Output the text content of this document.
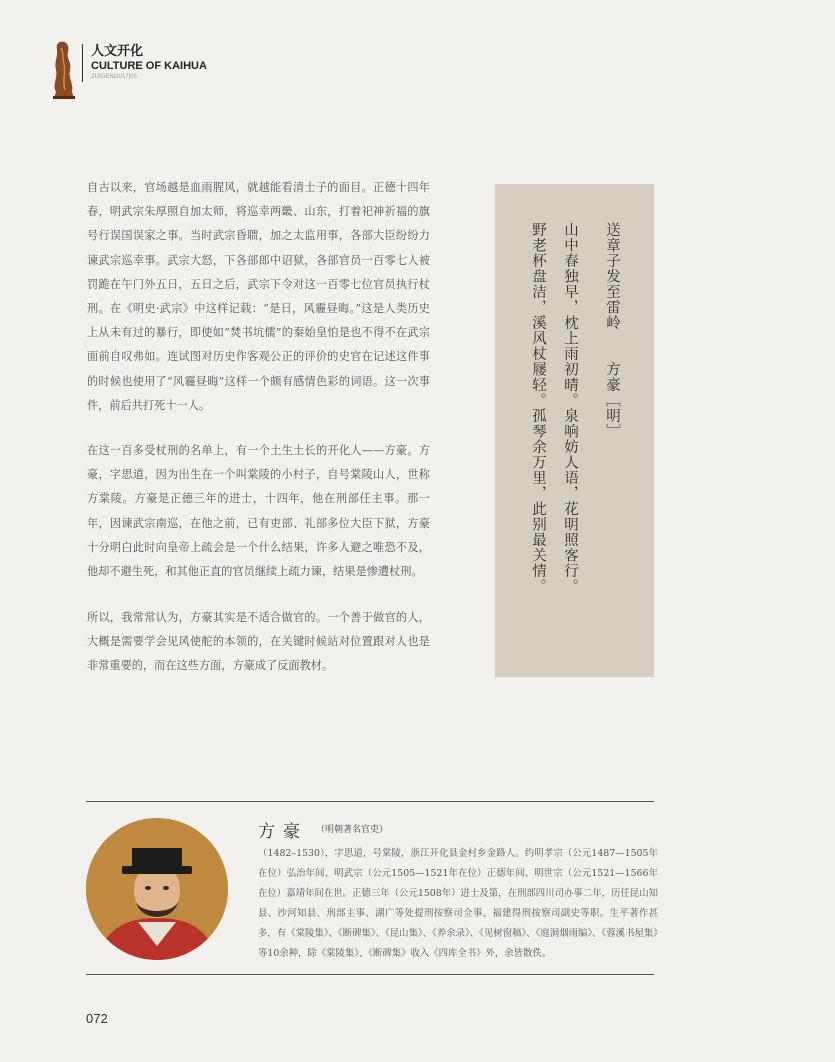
人文开化
CULTURE OF KAIHUA
ZUIGEN|2017|05

自古以来，官场越是血雨腥风，就越能看清士子的面目。正德十四年春，明武宗朱厚照自加太师，将巡幸两畿、山东，打着祀神祈福的旗号行误国误家之事。当时武宗昏聩，加之太监用事，各部大臣纷纷力谏武宗巡幸事。武宗大怒，下各部郎中诏狱，各部官员一百零七人被罚跪在午门外五日，五日之后，武宗下令对这一百零七位官员执行杖刑。在《明史·武宗》中这样记载：“是日，风霾昼晦。”这是人类历史上从未有过的暴行，即使如“焚书坑儒”的秦始皇怕是也不得不在武宗面前自叹弗如。连试图对历史作客观公正的评价的史官在记述这件事的时候也使用了“风霾昼晦”这样一个颇有感情色彩的词语。这一次事件，前后共打死十一人。

在这一百多受杖刑的名单上，有一个土生土长的开化人——方豪。方豪，字思道，因为出生在一个叫棠陵的小村子，自号棠陵山人，世称方棠陵。方豪是正德三年的进士，十四年，他在刑部任主事。那一年，因谏武宗南巡，在他之前，已有吏部、礼部多位大臣下狱，方豪十分明白此时向皇帝上疏会是一个什么结果，许多人避之唯恐不及，他却不避生死，和其他正直的官员继续上疏力谏，结果是惨遭杖刑。

所以，我常常认为，方豪其实是不适合做官的。一个善于做官的人，大概是需要学会见风使舵的本领的，在关键时候站对位置跟对人也是非常重要的，而在这些方面，方豪成了反面教材。

送章子发至雷岭　　方豪［明］
山中春独早，枕上雨初晴。泉响妨人语，花明照客行。
野老杯盘洁，溪风杖屦轻。孤琴余万里，此别最关情。
方豪 （明朝著名官吏）
（1482–1530），字思道，号棠陵，浙江开化县金村乡金路人。约明孝宗（公元1487—1505年在位）弘治年间、明武宗（公元1505—1521年在位）正德年间、明世宗（公元1521—1566年在位）嘉靖年间在世。正德三年（公元1508年）进士及第，在刑部四川司办事二年，历任昆山知县、沙河知县、刑部主事、湖广等处提刑按察司佥事、福建得刑按察司副史等职。生平著作甚多，有《棠陵集》、《断碑集》、《昆山集》、《养余录》、《见树窗稿》、《庭洞烟雨编》、《蓉溪书屋集》等10余种，除《棠陵集》、《断碑集》收入《四库全书》外，余皆散佚。
072
